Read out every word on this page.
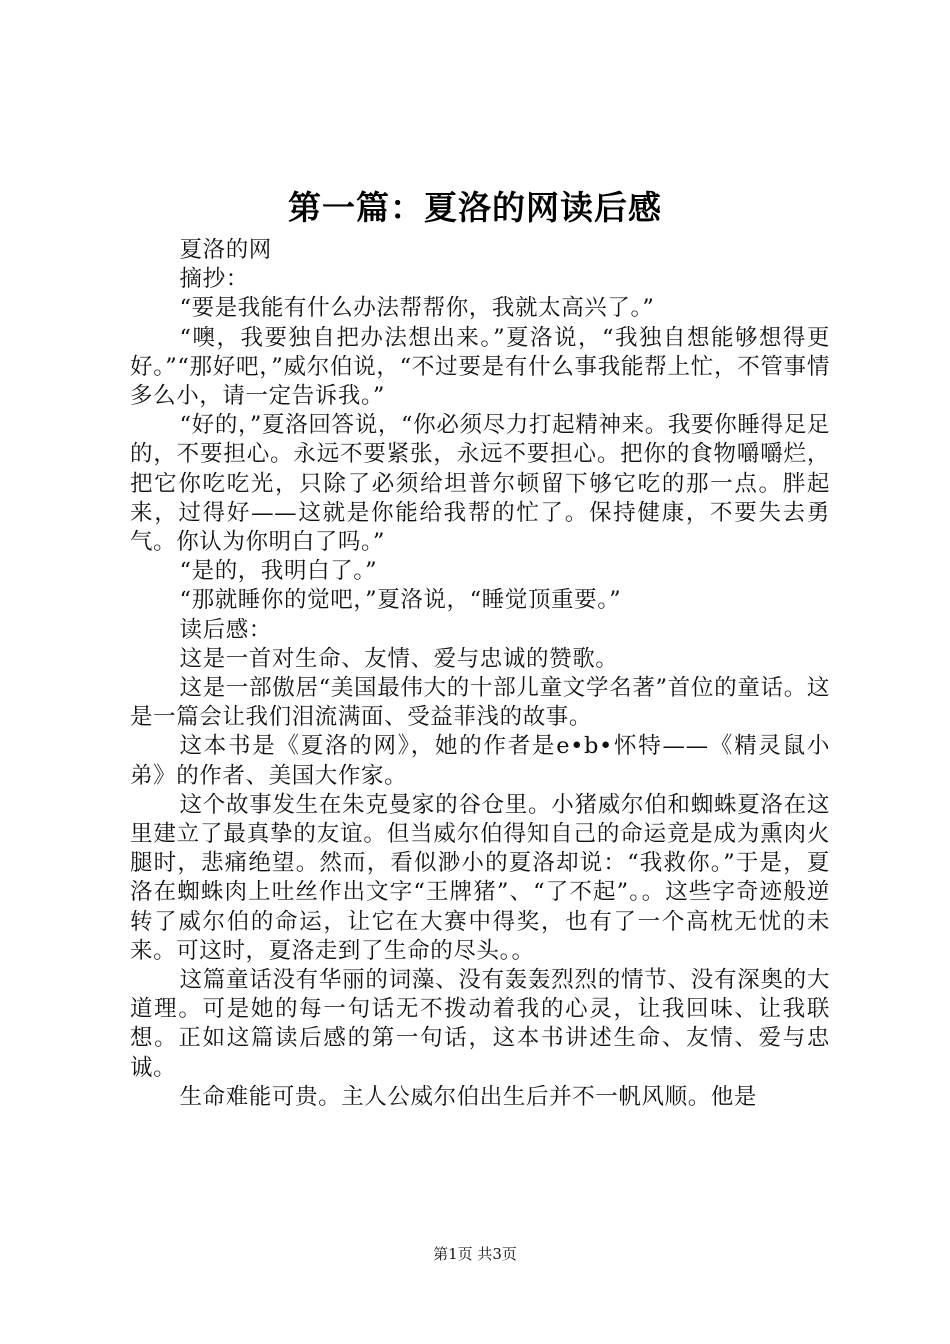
第一篇：夏洛的网读后感

夏洛的网

摘抄：

“要是我能有什么办法帮帮你，我就太高兴了。”

“噢，我要独自把办法想出来。”夏洛说，“我独自想能够想得更好。”“那好吧，”威尔伯说，“不过要是有什么事我能帮上忙，不管事情多么小，请一定告诉我。”

“好的，”夏洛回答说，“你必须尽力打起精神来。我要你睡得足足的，不要担心。永远不要紧张，永远不要担心。把你的食物嚼嚼烂，把它你吃吃光，只除了必须给坦普尔顿留下够它吃的那一点。胖起来，过得好——这就是你能给我帮的忙了。保持健康，不要失去勇气。你认为你明白了吗。”

“是的，我明白了。”

“那就睡你的觉吧，”夏洛说，“睡觉顶重要。”

读后感：

这是一首对生命、友情、爱与忠诚的赞歌。

这是一部傲居“美国最伟大的十部儿童文学名著”首位的童话。这是一篇会让我们泪流满面、受益菲浅的故事。

这本书是《夏洛的网》，她的作者是e•b•怀特——《精灵鼠小弟》的作者、美国大作家。

这个故事发生在朱克曼家的谷仓里。小猪威尔伯和蜘蛛夏洛在这里建立了最真挚的友谊。但当威尔伯得知自己的命运竟是成为熏肉火腿时，悲痛绝望。然而，看似渺小的夏洛却说：“我救你。”于是，夏洛在蜘蛛肉上吐丝作出文字“王牌猪”、“了不起”。。这些字奇迹般逆转了威尔伯的命运，让它在大赛中得奖，也有了一个高枕无忧的未来。可这时，夏洛走到了生命的尽头。。

这篇童话没有华丽的词藻、没有轰轰烈烈的情节、没有深奥的大道理。可是她的每一句话无不拨动着我的心灵，让我回味、让我联想。正如这篇读后感的第一句话，这本书讲述生命、友情、爱与忠诚。

生命难能可贵。主人公威尔伯出生后并不一帆风顺。他是

第1页 共3页
